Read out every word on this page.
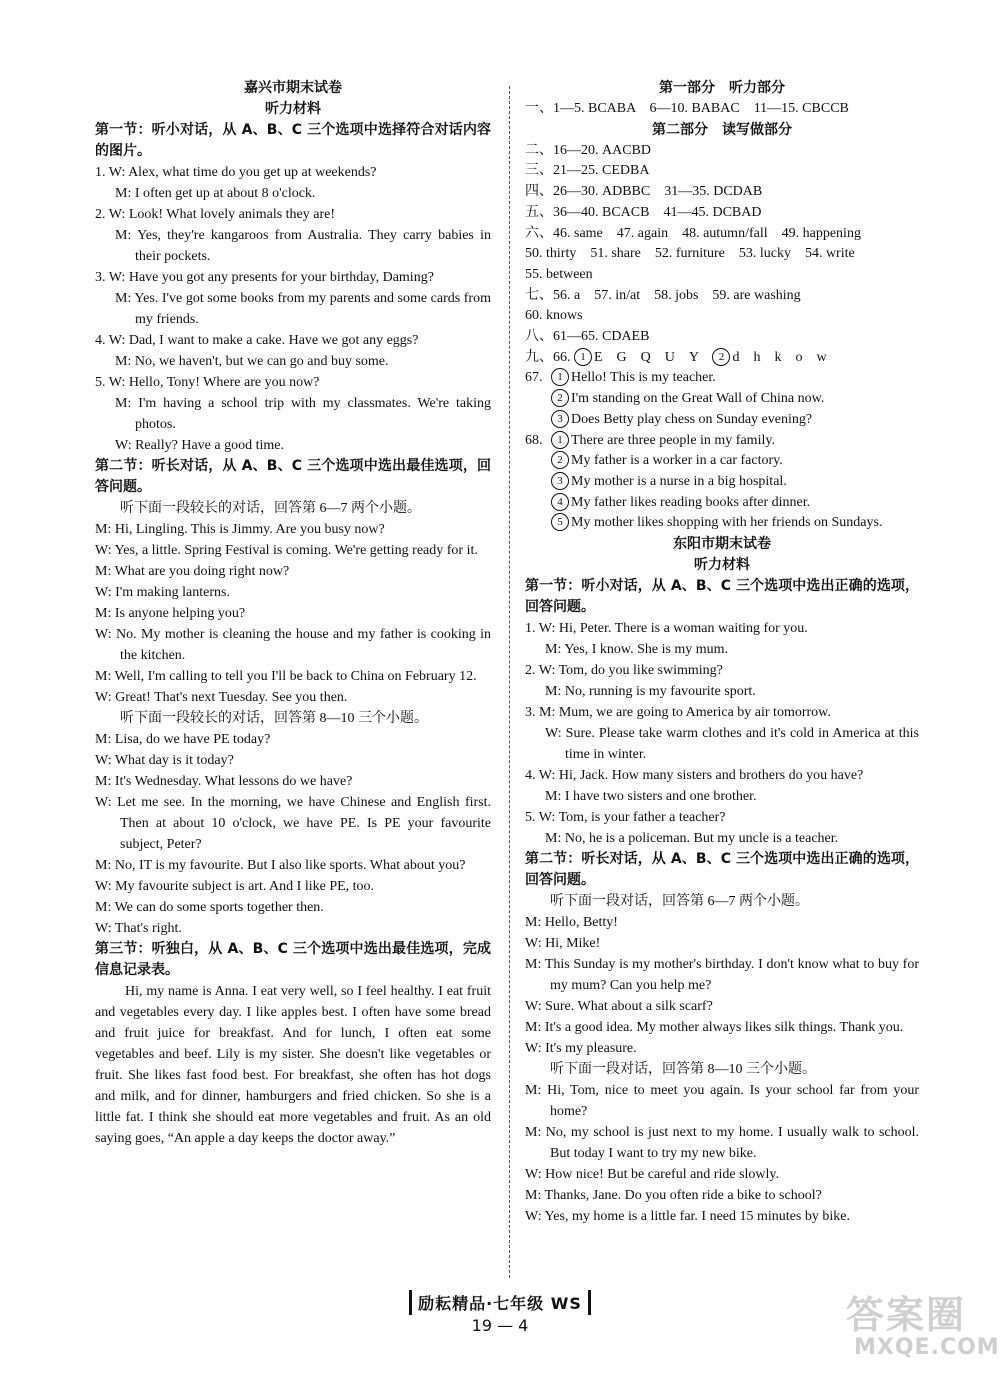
嘉兴市期末试卷
听力材料
第一节：听小对话，从 A、B、C 三个选项中选择符合对话内容的图片。
1. W: Alex, what time do you get up at weekends?
M: I often get up at about 8 o'clock.
2. W: Look! What lovely animals they are!
M: Yes, they're kangaroos from Australia. They carry babies in their pockets.
3. W: Have you got any presents for your birthday, Daming?
M: Yes. I've got some books from my parents and some cards from my friends.
4. W: Dad, I want to make a cake. Have we got any eggs?
M: No, we haven't, but we can go and buy some.
5. W: Hello, Tony! Where are you now?
M: I'm having a school trip with my classmates. We're taking photos.
W: Really? Have a good time.
第二节：听长对话，从 A、B、C 三个选项中选出最佳选项，回答问题。
听下面一段较长的对话，回答第 6—7 两个小题。
M: Hi, Lingling. This is Jimmy. Are you busy now?
W: Yes, a little. Spring Festival is coming. We're getting ready for it.
M: What are you doing right now?
W: I'm making lanterns.
M: Is anyone helping you?
W: No. My mother is cleaning the house and my father is cooking in the kitchen.
M: Well, I'm calling to tell you I'll be back to China on February 12.
W: Great! That's next Tuesday. See you then.
听下面一段较长的对话，回答第 8—10 三个小题。
M: Lisa, do we have PE today?
W: What day is it today?
M: It's Wednesday. What lessons do we have?
W: Let me see. In the morning, we have Chinese and English first. Then at about 10 o'clock, we have PE. Is PE your favourite subject, Peter?
M: No, IT is my favourite. But I also like sports. What about you?
W: My favourite subject is art. And I like PE, too.
M: We can do some sports together then.
W: That's right.
第三节：听独白，从 A、B、C 三个选项中选出最佳选项，完成信息记录表。
Hi, my name is Anna. I eat very well, so I feel healthy. I eat fruit and vegetables every day. I like apples best. I often have some bread and fruit juice for breakfast. And for lunch, I often eat some vegetables and beef. Lily is my sister. She doesn't like vegetables or fruit. She likes fast food best. For breakfast, she often has hot dogs and milk, and for dinner, hamburgers and fried chicken. So she is a little fat. I think she should eat more vegetables and fruit. As an old saying goes, “An apple a day keeps the doctor away.”
第一部分　听力部分
一、1—5. BCABA　6—10. BABAC　11—15. CBCCB
第二部分　读写做部分
二、16—20. AACBD
三、21—25. CEDBA
四、26—30. ADBBC　31—35. DCDAB
五、36—40. BCACB　41—45. DCBAD
六、46. same　47. again　48. autumn/fall　49. happening
50. thirty　51. share　52. furniture　53. lucky　54. write
55. between
七、56. a　57. in/at　58. jobs　59. are washing
60. knows
八、61—65. CDAEB
九、66. 1 E　G　Q　U　Y　2 d　h　k　o　w
67.1 Hello! This is my teacher.
2 I'm standing on the Great Wall of China now.
3 Does Betty play chess on Sunday evening?
68.1 There are three people in my family.
2 My father is a worker in a car factory.
3 My mother is a nurse in a big hospital.
4 My father likes reading books after dinner.
5 My mother likes shopping with her friends on Sundays.
东阳市期末试卷
听力材料
第一节：听小对话，从 A、B、C 三个选项中选出正确的选项，回答问题。
1. W: Hi, Peter. There is a woman waiting for you.
M: Yes, I know. She is my mum.
2. W: Tom, do you like swimming?
M: No, running is my favourite sport.
3. M: Mum, we are going to America by air tomorrow.
W: Sure. Please take warm clothes and it's cold in America at this time in winter.
4. W: Hi, Jack. How many sisters and brothers do you have?
M: I have two sisters and one brother.
5. W: Tom, is your father a teacher?
M: No, he is a policeman. But my uncle is a teacher.
第二节：听长对话，从 A、B、C 三个选项中选出正确的选项，回答问题。
听下面一段对话，回答第 6—7 两个小题。
M: Hello, Betty!
W: Hi, Mike!
M: This Sunday is my mother's birthday. I don't know what to buy for my mum? Can you help me?
W: Sure. What about a silk scarf?
M: It's a good idea. My mother always likes silk things. Thank you.
W: It's my pleasure.
听下面一段对话，回答第 8—10 三个小题。
M: Hi, Tom, nice to meet you again. Is your school far from your home?
M: No, my school is just next to my home. I usually walk to school. But today I want to try my new bike.
W: How nice! But be careful and ride slowly.
M: Thanks, Jane. Do you often ride a bike to school?
W: Yes, my home is a little far. I need 15 minutes by bike.
励耘精品·七年级 WS
19 — 4	答案圈
MXQE.COM
